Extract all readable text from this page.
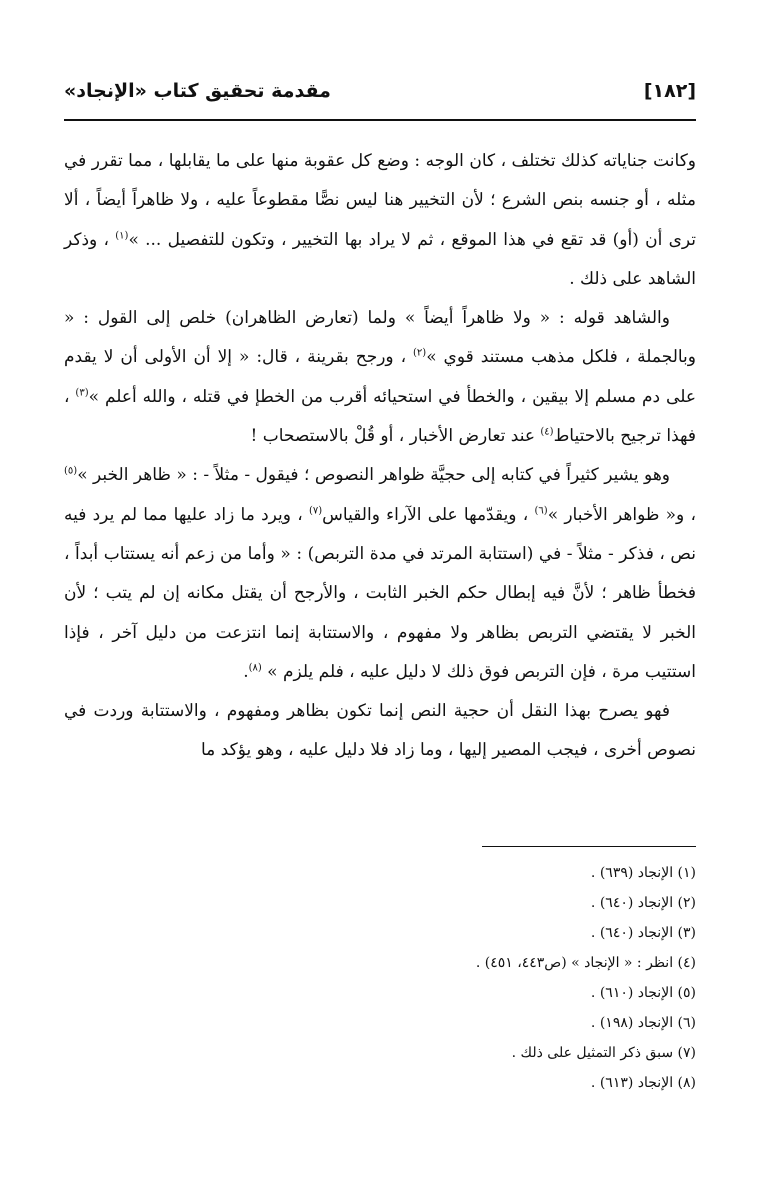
[١٨٢]
مقدمة تحقيق كتاب «الإنجاد»

وكانت جناياته كذلك تختلف ، كان الوجه : وضع كل عقوبة منها على ما يقابلها ، مما تقرر في مثله ، أو جنسه بنص الشرع ؛ لأن التخيير هنا ليس نصًّا مقطوعاً عليه ، ولا ظاهراً أيضاً ، ألا ترى أن (أو) قد تقع في هذا الموقع ، ثم لا يراد بها التخيير ، وتكون للتفصيل ... »$^{(١)}$ ، وذكر الشاهد على ذلك .

والشاهد قوله : « ولا ظاهراً أيضاً » ولما (تعارض الظاهران) خلص إلى القول : « وبالجملة ، فلكل مذهب مستند قوي »$^{(٢)}$ ، ورجح بقرينة ، قال: « إلا أن الأولى أن لا يقدم على دم مسلم إلا بيقين ، والخطأ في استحيائه أقرب من الخطإ في قتله ، والله أعلم »$^{(٣)}$ ، فهذا ترجيح بالاحتياط$^{(٤)}$ عند تعارض الأخبار ، أو قُلْ بالاستصحاب !

وهو يشير كثيراً في كتابه إلى حجيَّة ظواهر النصوص ؛ فيقول - مثلاً - : « ظاهر الخبر »$^{(٥)}$ ، و« ظواهر الأخبار »$^{(٦)}$ ، ويقدّمها على الآراء والقياس$^{(٧)}$ ، ويرد ما زاد عليها مما لم يرد فيه نص ، فذكر - مثلاً - في (استتابة المرتد في مدة التربص) : « وأما من زعم أنه يستتاب أبداً ، فخطأ ظاهر ؛ لأنَّ فيه إبطال حكم الخبر الثابت ، والأرجح أن يقتل مكانه إن لم يتب ؛ لأن الخبر لا يقتضي التربص بظاهر ولا مفهوم ، والاستتابة إنما انتزعت من دليل آخر ، فإذا استتيب مرة ، فإن التربص فوق ذلك لا دليل عليه ، فلم يلزم » $^{(٨)}$.

فهو يصرح بهذا النقل أن حجية النص إنما تكون بظاهر ومفهوم ، والاستتابة وردت في نصوص أخرى ، فيجب المصير إليها ، وما زاد فلا دليل عليه ، وهو يؤكد ما

(١) الإنجاد (٦٣٩) .
(٢) الإنجاد (٦٤٠) .
(٣) الإنجاد (٦٤٠) .
(٤) انظر : « الإنجاد » (ص٤٤٣، ٤٥١) .
(٥) الإنجاد (٦١٠) .
(٦) الإنجاد (١٩٨) .
(٧) سبق ذكر التمثيل على ذلك .
(٨) الإنجاد (٦١٣) .
